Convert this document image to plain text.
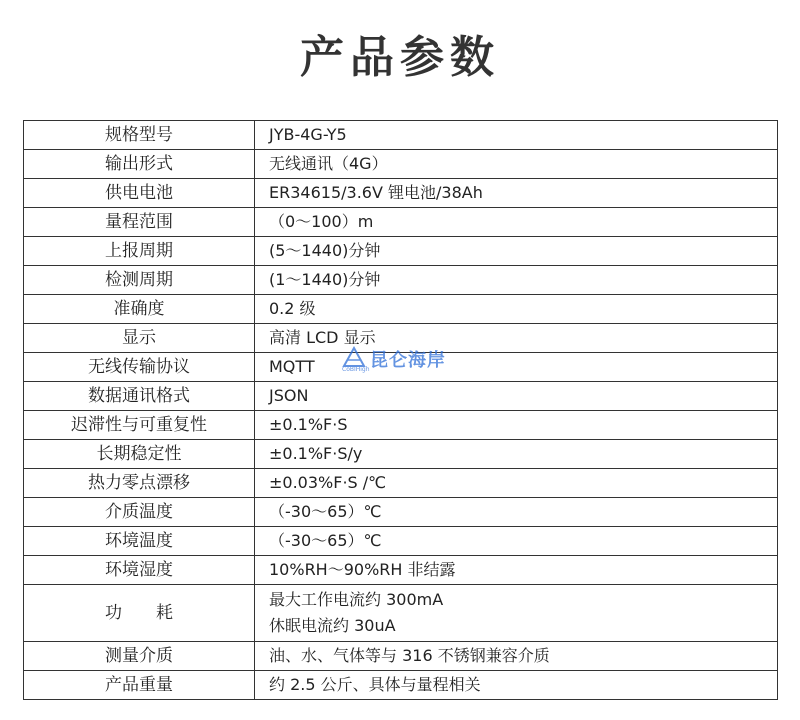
产品参数
规格型号	JYB-4G-Y5
输出形式	无线通讯（4G）
供电电池	ER34615/3.6V 锂电池/38Ah
量程范围	（0～100）m
上报周期	(5～1440)分钟
检测周期	(1～1440)分钟
准确度	0.2 级
显示	高清 LCD 显示
无线传输协议	MQTT
数据通讯格式	JSON
迟滞性与可重复性	±0.1%F·S
长期稳定性	±0.1%F·S/y
热力零点漂移	±0.03%F·S /℃
介质温度	（-30～65）℃
环境温度	（-30～65）℃
环境湿度	10%RH～90%RH 非结露
功　　耗	最大工作电流约 300mA
休眠电流约 30uA

测量介质	油、水、气体等与 316 不锈钢兼容介质
产品重量	约 2.5 公斤、具体与量程相关
昆仑海岸
CoBIHigh
